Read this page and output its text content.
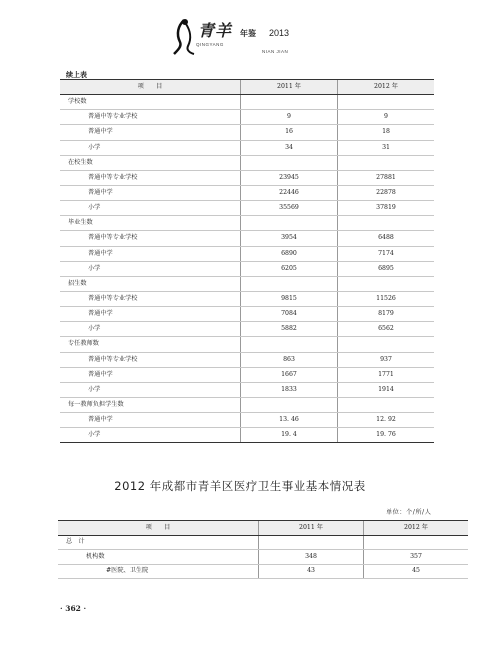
青羊 年鉴 2013
QINGYANG
NIAN JIAN
续上表
项　　目	2011 年	2012 年
学校数		
普通中等专业学校	9	9
普通中学	16	18
小学	34	31
在校生数		
普通中等专业学校	23945	27881
普通中学	22446	22878
小学	35569	37819
毕业生数		
普通中等专业学校	3954	6488
普通中学	6890	7174
小学	6205	6895
招生数		
普通中等专业学校	9815	11526
普通中学	7084	8179
小学	5882	6562
专任教师数		
普通中等专业学校	863	937
普通中学	1667	1771
小学	1833	1914
每一教师负担学生数		
普通中学	13. 46	12. 92
小学	19. 4	19. 76
2012 年成都市青羊区医疗卫生事业基本情况表
单位：个/所/人
项　　目	2011 年	2012 年
总　计		
机构数	348	357
#医院、卫生院	43	45
· 362 ·
